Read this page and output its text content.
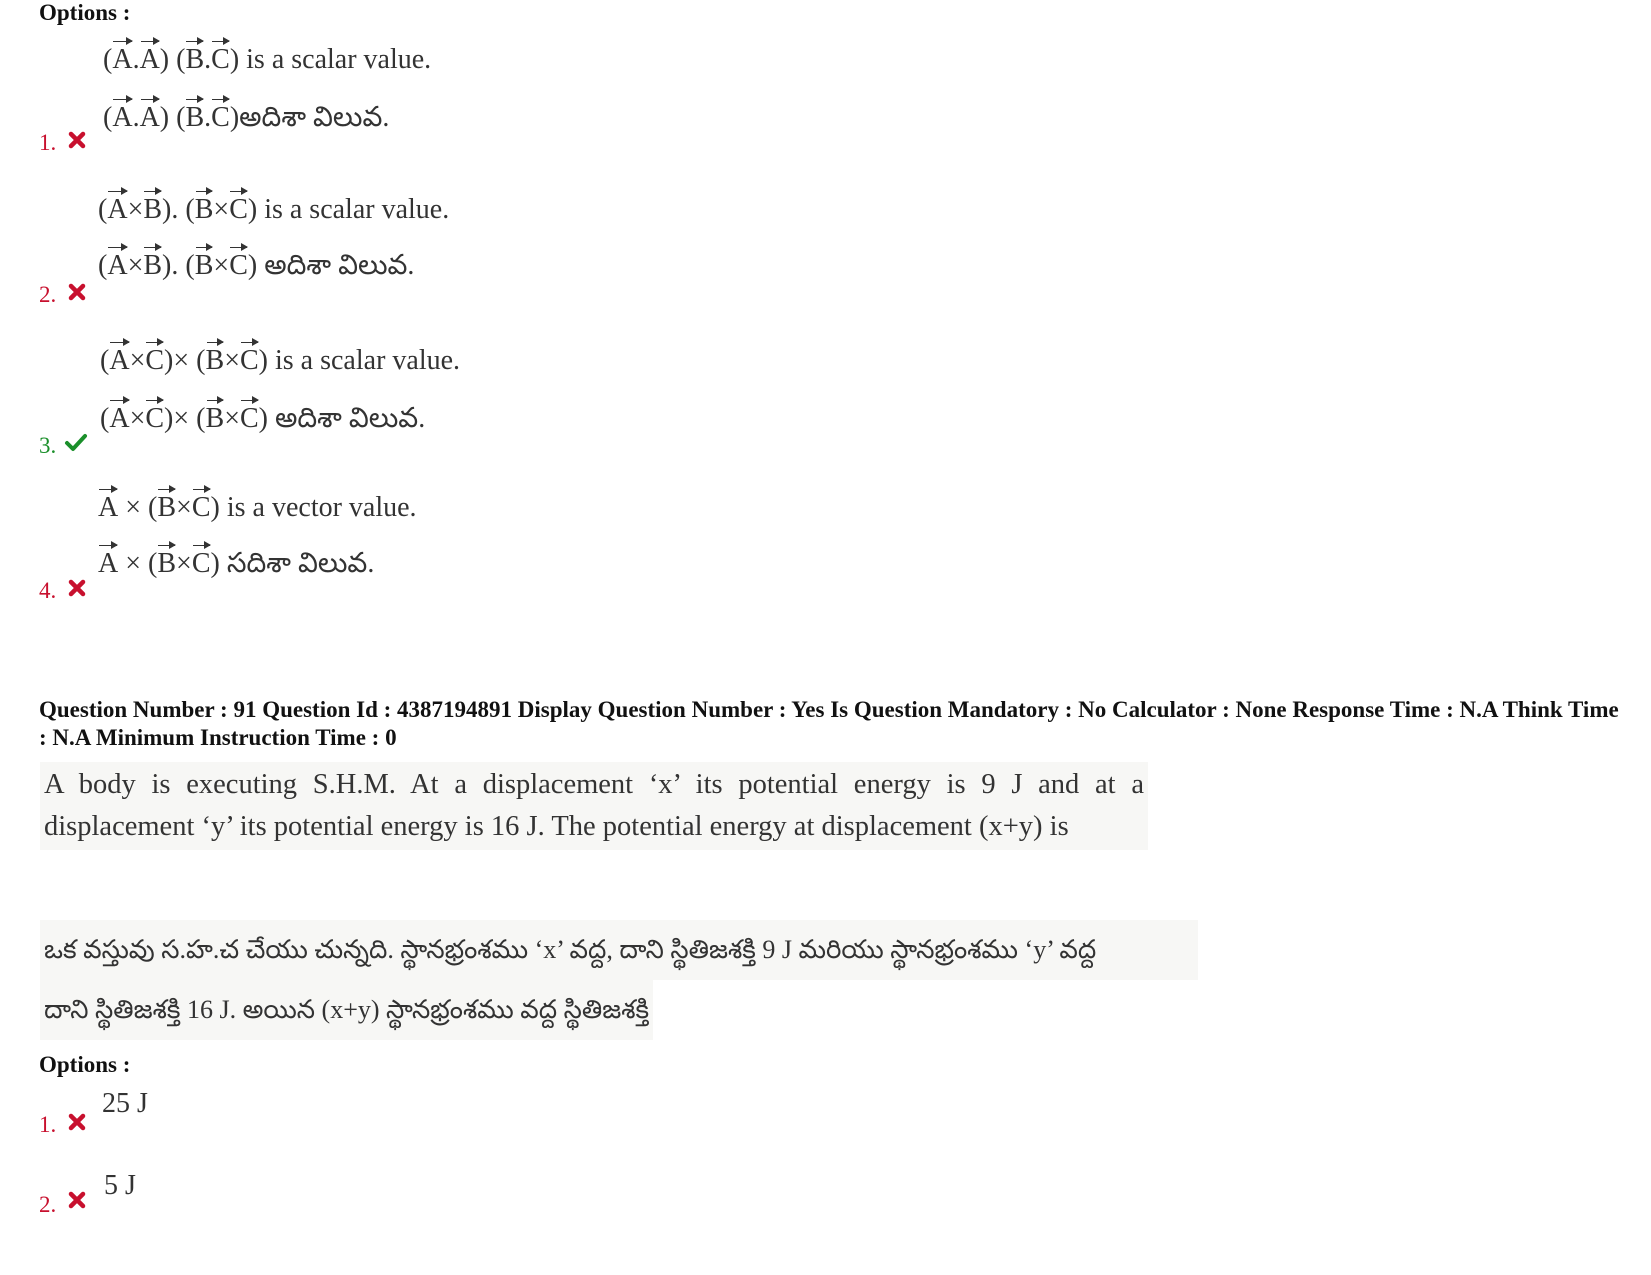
Options :
(A.A) (B.C) is a scalar value.
(A.A) (B.C)అదిశా విలువ.
1.
(A×B). (B×C) is a scalar value.
(A×B). (B×C) అదిశా విలువ.
2.
(A×C)× (B×C) is a scalar value.
(A×C)× (B×C) అదిశా విలువ.
3.
A × (B×C) is a vector value.
A × (B×C) సదిశా విలువ.
4.
Question Number : 91 Question Id : 4387194891 Display Question Number : Yes Is Question Mandatory : No Calculator : None Response Time : N.A Think Time : N.A Minimum Instruction Time : 0
A body is executing S.H.M. At a displacement ‘x’ its potential energy is 9 J and at a displacement ‘y’ its potential energy is 16 J. The potential energy at displacement (x+y) is
ఒక వస్తువు స.హ.చ చేయు చున్నది. స్థానభ్రంశము ‘x’ వద్ద, దాని స్థితిజశక్తి 9 J మరియు స్థానభ్రంశము ‘y’ వద్ద
దాని స్థితిజశక్తి 16 J. అయిన (x+y) స్థానభ్రంశము వద్ద స్థితిజశక్తి
Options :
25 J
1.
5 J
2.
